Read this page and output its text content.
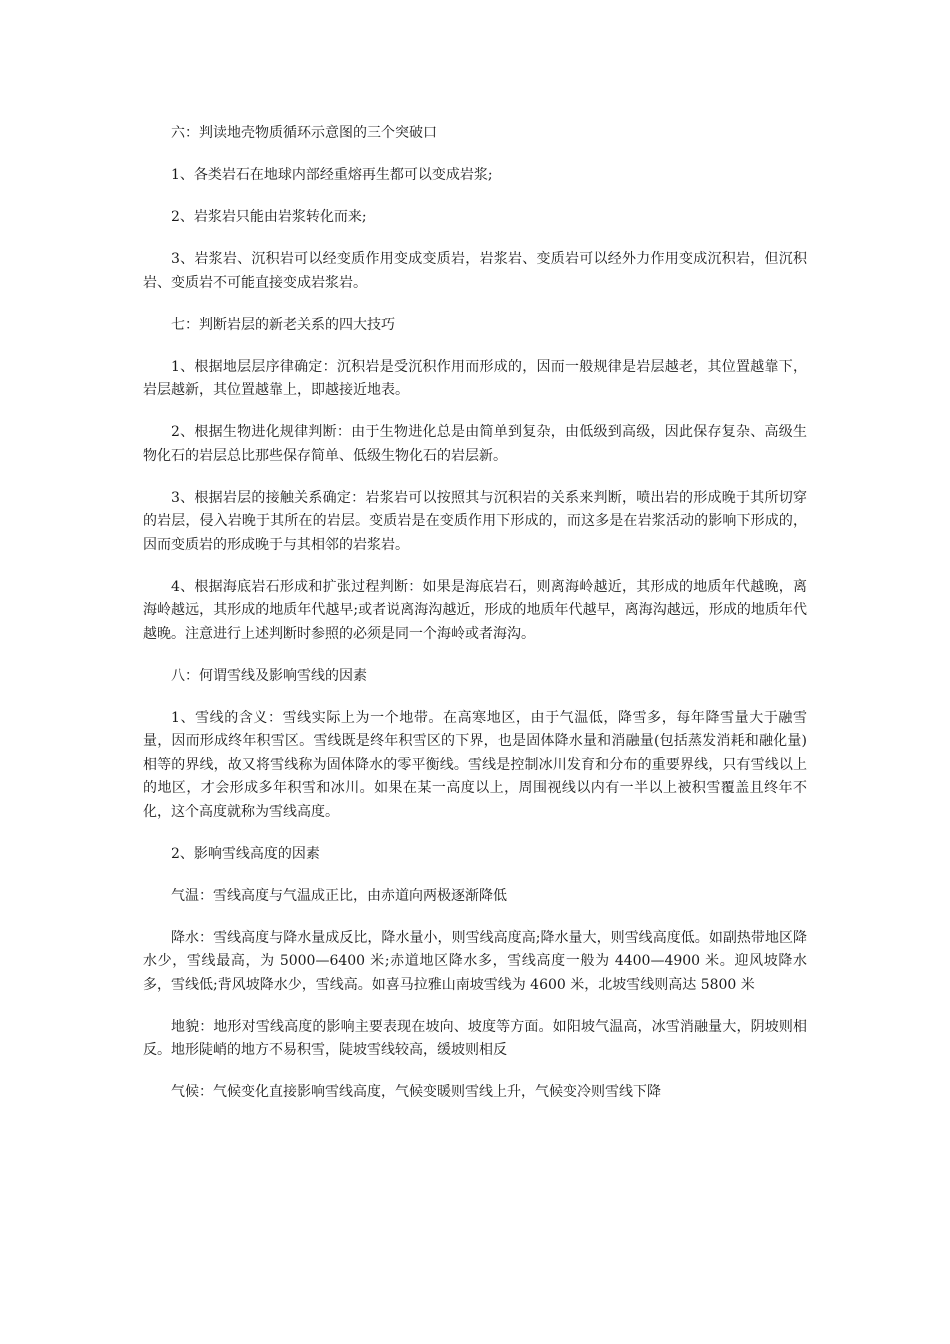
六：判读地壳物质循环示意图的三个突破口

1、各类岩石在地球内部经重熔再生都可以变成岩浆;

2、岩浆岩只能由岩浆转化而来;

3、岩浆岩、沉积岩可以经变质作用变成变质岩，岩浆岩、变质岩可以经外力作用变成沉积岩，但沉积岩、变质岩不可能直接变成岩浆岩。

七：判断岩层的新老关系的四大技巧

1、根据地层层序律确定：沉积岩是受沉积作用而形成的，因而一般规律是岩层越老，其位置越靠下，岩层越新，其位置越靠上，即越接近地表。

2、根据生物进化规律判断：由于生物进化总是由简单到复杂，由低级到高级，因此保存复杂、高级生物化石的岩层总比那些保存简单、低级生物化石的岩层新。

3、根据岩层的接触关系确定：岩浆岩可以按照其与沉积岩的关系来判断，喷出岩的形成晚于其所切穿的岩层，侵入岩晚于其所在的岩层。变质岩是在变质作用下形成的，而这多是在岩浆活动的影响下形成的，因而变质岩的形成晚于与其相邻的岩浆岩。

4、根据海底岩石形成和扩张过程判断：如果是海底岩石，则离海岭越近，其形成的地质年代越晚，离海岭越远，其形成的地质年代越早;或者说离海沟越近，形成的地质年代越早，离海沟越远，形成的地质年代越晚。注意进行上述判断时参照的必须是同一个海岭或者海沟。

八：何谓雪线及影响雪线的因素

1、雪线的含义：雪线实际上为一个地带。在高寒地区，由于气温低，降雪多，每年降雪量大于融雪量，因而形成终年积雪区。雪线既是终年积雪区的下界，也是固体降水量和消融量(包括蒸发消耗和融化量)相等的界线，故又将雪线称为固体降水的零平衡线。雪线是控制冰川发育和分布的重要界线，只有雪线以上的地区，才会形成多年积雪和冰川。如果在某一高度以上，周围视线以内有一半以上被积雪覆盖且终年不化，这个高度就称为雪线高度。

2、影响雪线高度的因素

气温：雪线高度与气温成正比，由赤道向两极逐渐降低

降水：雪线高度与降水量成反比，降水量小，则雪线高度高;降水量大，则雪线高度低。如副热带地区降水少，雪线最高，为 5000—6400 米;赤道地区降水多，雪线高度一般为 4400—4900 米。迎风坡降水多，雪线低;背风坡降水少，雪线高。如喜马拉雅山南坡雪线为 4600 米，北坡雪线则高达 5800 米

地貌：地形对雪线高度的影响主要表现在坡向、坡度等方面。如阳坡气温高，冰雪消融量大，阴坡则相反。地形陡峭的地方不易积雪，陡坡雪线较高，缓坡则相反

气候：气候变化直接影响雪线高度，气候变暖则雪线上升，气候变冷则雪线下降
